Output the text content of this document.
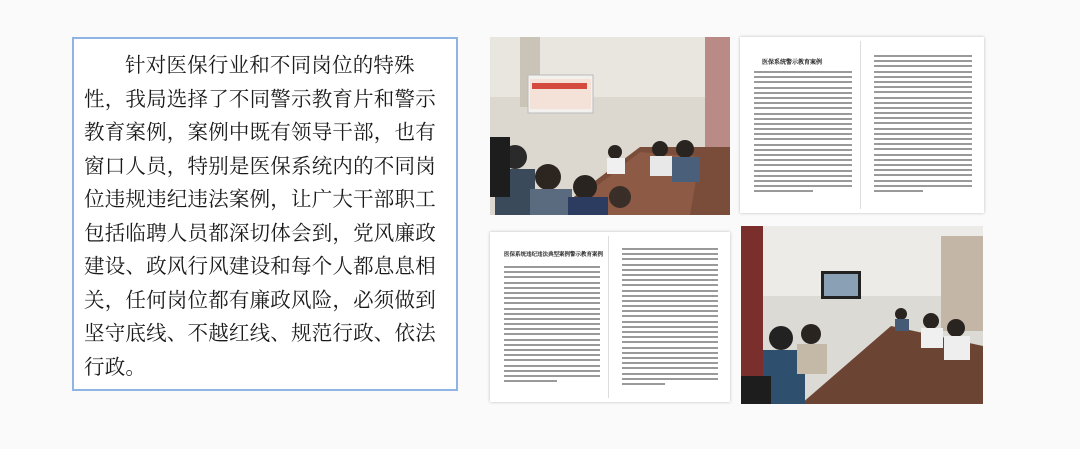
针对医保行业和不同岗位的特殊性，我局选择了不同警示教育片和警示教育案例，案例中既有领导干部，也有窗口人员，特别是医保系统内的不同岗位违规违纪违法案例，让广大干部职工包括临聘人员都深切体会到，党风廉政建设、政风行风建设和每个人都息息相关，任何岗位都有廉政风险，必须做到坚守底线、不越红线、规范行政、依法行政。

医保系统警示教育案例
医保系统违纪违法典型案例警示教育案例
